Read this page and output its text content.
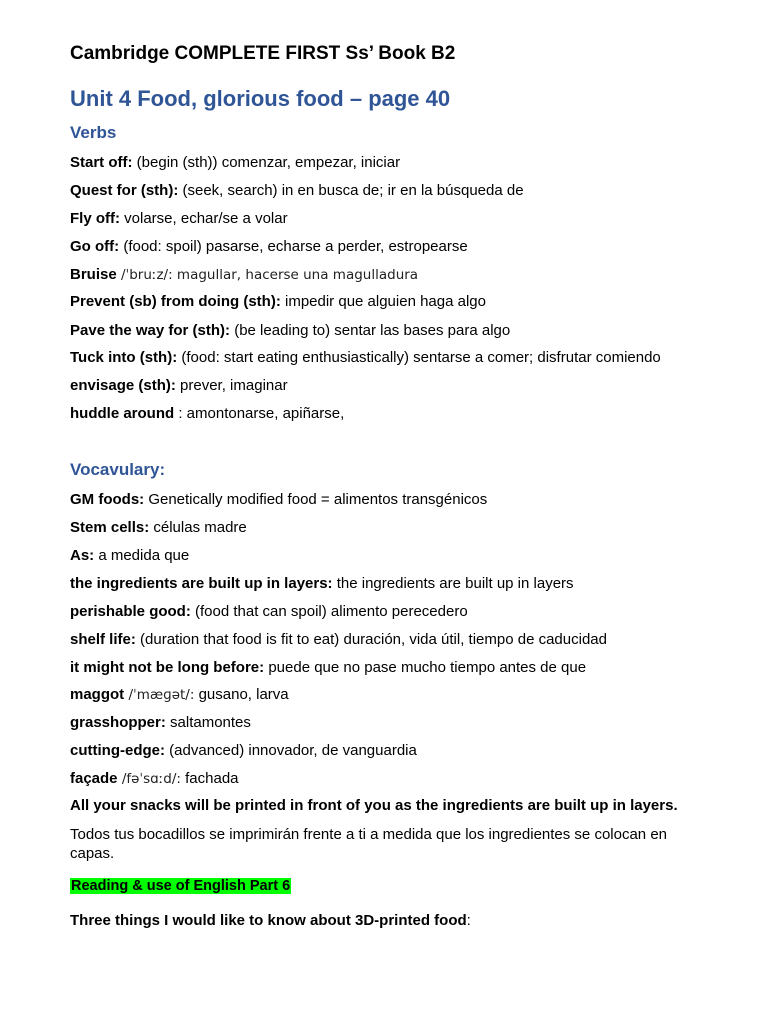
Cambridge COMPLETE FIRST Ss’ Book B2
Unit 4 Food, glorious food – page 40
Verbs
Start off: (begin (sth)) comenzar, empezar, iniciar
Quest for (sth): (seek, search) in en busca de; ir en la búsqueda de
Fly off: volarse, echar/se a volar
Go off: (food: spoil) pasarse, echarse a perder, estropearse
Bruise /ˈbruːz/: magullar, hacerse una magulladura
Prevent (sb) from doing (sth): impedir que alguien haga algo
Pave the way for (sth): (be leading to) sentar las bases para algo
Tuck into (sth): (food: start eating enthusiastically) sentarse a comer; disfrutar comiendo
envisage (sth): prever, imaginar
huddle around : amontonarse, apiñarse,
Vocavulary:
GM foods: Genetically modified food = alimentos transgénicos
Stem cells: células madre
As: a medida que
the ingredients are built up in layers: the ingredients are built up in layers
perishable good: (food that can spoil) alimento perecedero
shelf life: (duration that food is fit to eat) duración, vida útil, tiempo de caducidad
it might not be long before: puede que no pase mucho tiempo antes de que
maggot /ˈmæɡət/: gusano, larva
grasshopper: saltamontes
cutting-edge: (advanced) innovador, de vanguardia
façade /fəˈsɑːd/: fachada
All your snacks will be printed in front of you as the ingredients are built up in layers.
Todos tus bocadillos se imprimirán frente a ti a medida que los ingredientes se colocan en capas.
Reading & use of English Part 6
Three things I would like to know about 3D-printed food:
